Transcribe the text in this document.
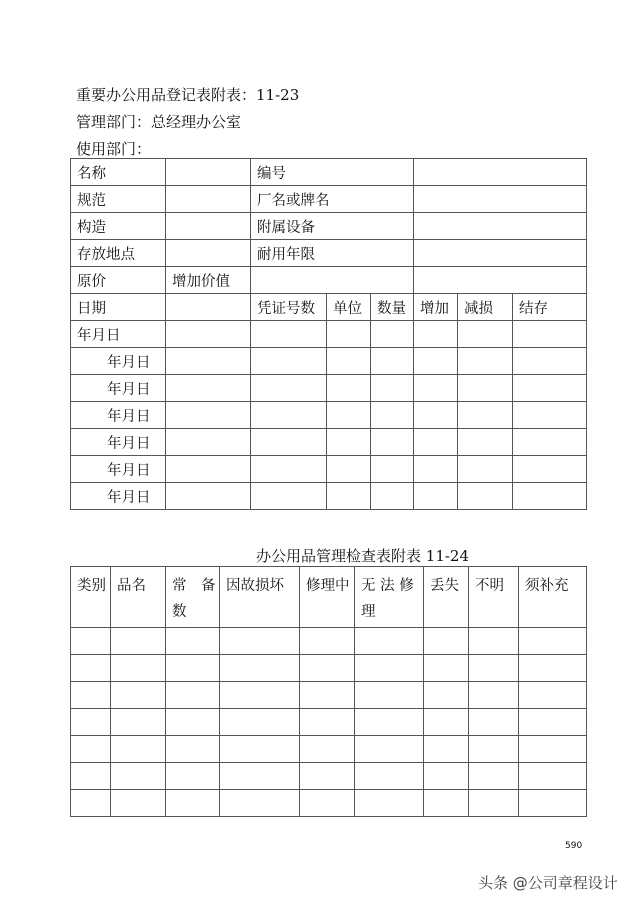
重要办公用品登记表附表：11-23
管理部门：总经理办公室
使用部门：
名称		编号					
规范		厂名或牌名					
构造		附属设备					
存放地点		耐用年限					
原价	增加价值						
日期		凭证号数	单位	数量	增加	减损	结存
年月日							
年月日							
年月日							
年月日							
年月日							
年月日							
年月日							
办公用品管理检查表附表 11-24
类别	品名	常　备数	因故损坏	修理中	无 法 修理	丢失	不明	须补充

590
头条 @公司章程设计
